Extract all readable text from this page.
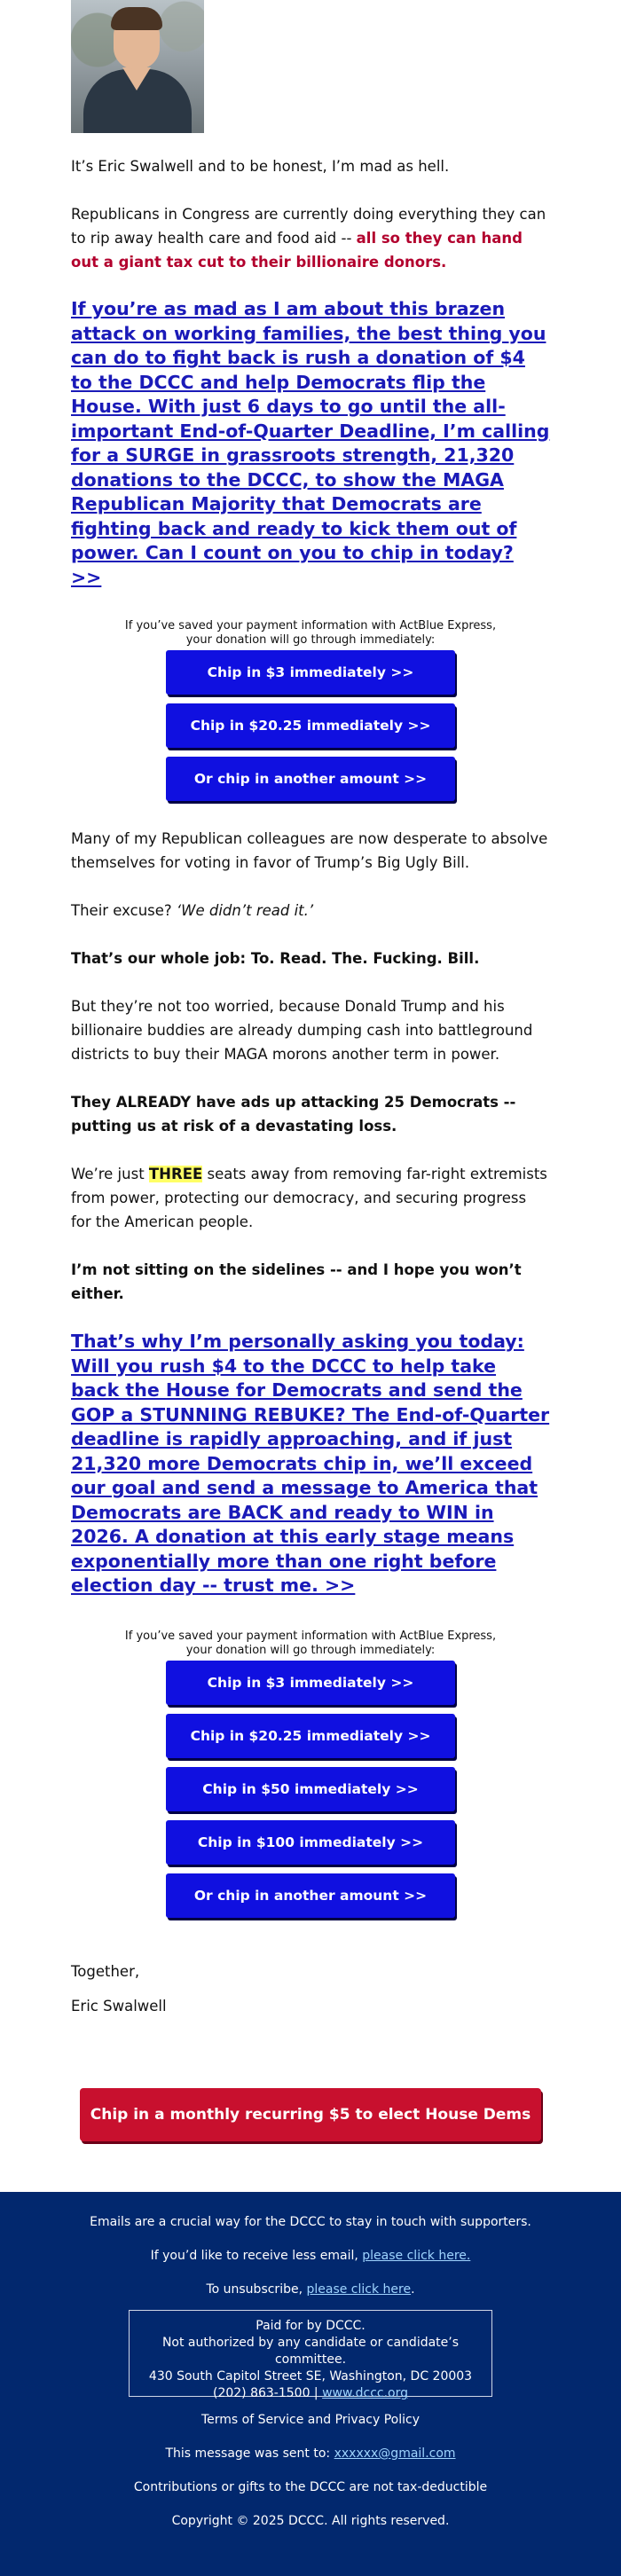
It’s Eric Swalwell and to be honest, I’m mad as hell.

Republicans in Congress are currently doing everything they can to rip away health care and food aid -- all so they can hand out a giant tax cut to their billionaire donors.

If you’re as mad as I am about this brazen attack on working families, the best thing you can do to fight back is rush a donation of $4 to the DCCC and help Democrats flip the House. With just 6 days to go until the all-important End-of-Quarter Deadline, I’m calling for a SURGE in grassroots strength, 21,320 donations to the DCCC, to show the MAGA Republican Majority that Democrats are fighting back and ready to kick them out of power. Can I count on you to chip in today? >>

If you’ve saved your payment information with ActBlue Express,

your donation will go through immediately:

Chip in $3 immediately >>
Chip in $20.25 immediately >>
Or chip in another amount >>

Many of my Republican colleagues are now desperate to absolve themselves for voting in favor of Trump’s Big Ugly Bill.

Their excuse? ‘We didn’t read it.’

That’s our whole job: To. Read. The. Fucking. Bill.

But they’re not too worried, because Donald Trump and his billionaire buddies are already dumping cash into battleground districts to buy their MAGA morons another term in power.

They ALREADY have ads up attacking 25 Democrats -- putting us at risk of a devastating loss.

We’re just THREE seats away from removing far-right extremists from power, protecting our democracy, and securing progress for the American people.

I’m not sitting on the sidelines -- and I hope you won’t either.

That’s why I’m personally asking you today: Will you rush $4 to the DCCC to help take back the House for Democrats and send the GOP a STUNNING REBUKE? The End-of-Quarter deadline is rapidly approaching, and if just 21,320 more Democrats chip in, we’ll exceed our goal and send a message to America that Democrats are BACK and ready to WIN in 2026. A donation at this early stage means exponentially more than one right before election day -- trust me. >>

If you’ve saved your payment information with ActBlue Express,

your donation will go through immediately:

Chip in $3 immediately >>
Chip in $20.25 immediately >>
Chip in $50 immediately >>
Chip in $100 immediately >>
Or chip in another amount >>

Together,

Eric Swalwell

Chip in a monthly recurring $5 to elect House Dems >>
Emails are a crucial way for the DCCC to stay in touch with supporters.
If you’d like to receive less email, please click here.
To unsubscribe, please click here.
Paid for by DCCC.
Not authorized by any candidate or candidate’s committee.
430 South Capitol Street SE, Washington, DC 20003
(202) 863-1500 | www.dccc.org
Terms of Service and Privacy Policy
This message was sent to: xxxxxx@gmail.com
Contributions or gifts to the DCCC are not tax-deductible
Copyright © 2025 DCCC. All rights reserved.
